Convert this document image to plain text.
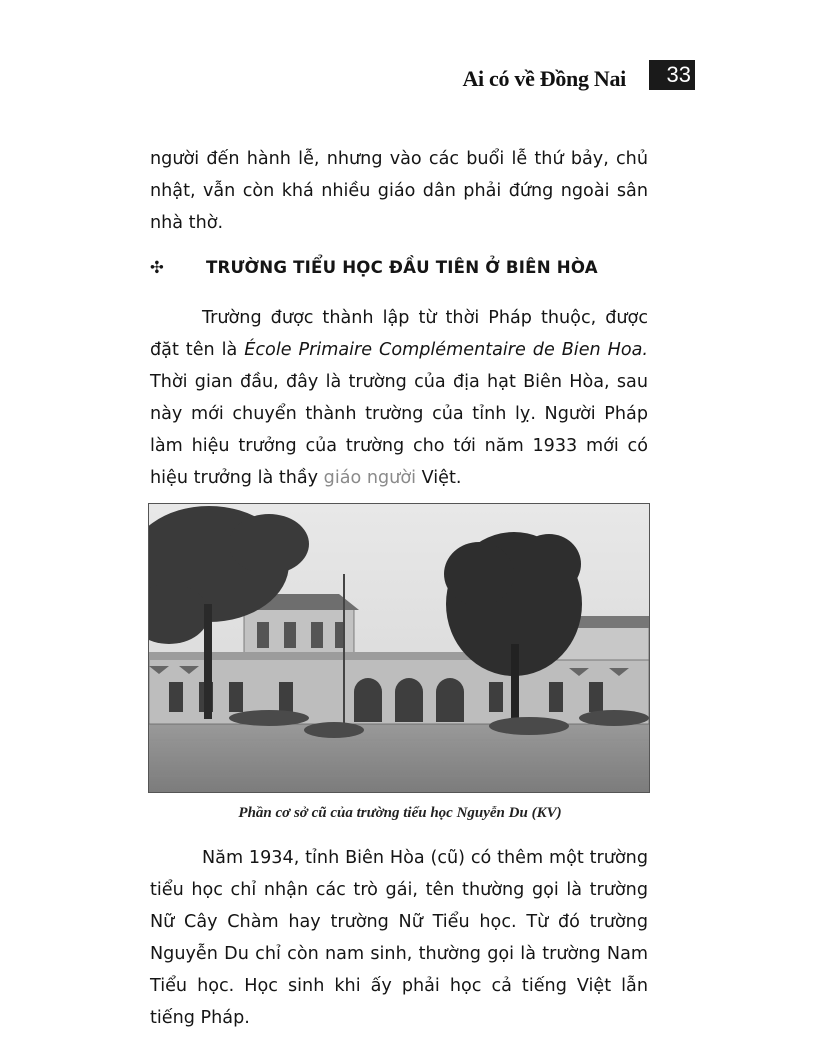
Ai có về Đồng Nai	33

người đến hành lễ, nhưng vào các buổi lễ thứ bảy, chủ nhật, vẫn còn khá nhiều giáo dân phải đứng ngoài sân nhà thờ.

✣	TRƯỜNG TIỂU HỌC ĐẦU TIÊN Ở BIÊN HÒA

Trường được thành lập từ thời Pháp thuộc, được đặt tên là École Primaire Complémentaire de Bien Hoa. Thời gian đầu, đây là trường của địa hạt Biên Hòa, sau này mới chuyển thành trường của tỉnh lỵ. Người Pháp làm hiệu trưởng của trường cho tới năm 1933 mới có hiệu trưởng là thầy giáo người Việt.

Phần cơ sở cũ của trường tiểu học Nguyễn Du (KV)

Năm 1934, tỉnh Biên Hòa (cũ) có thêm một trường tiểu học chỉ nhận các trò gái, tên thường gọi là trường Nữ Cây Chàm hay trường Nữ Tiểu học. Từ đó trường Nguyễn Du chỉ còn nam sinh, thường gọi là trường Nam Tiểu học. Học sinh khi ấy phải học cả tiếng Việt lẫn tiếng Pháp.
